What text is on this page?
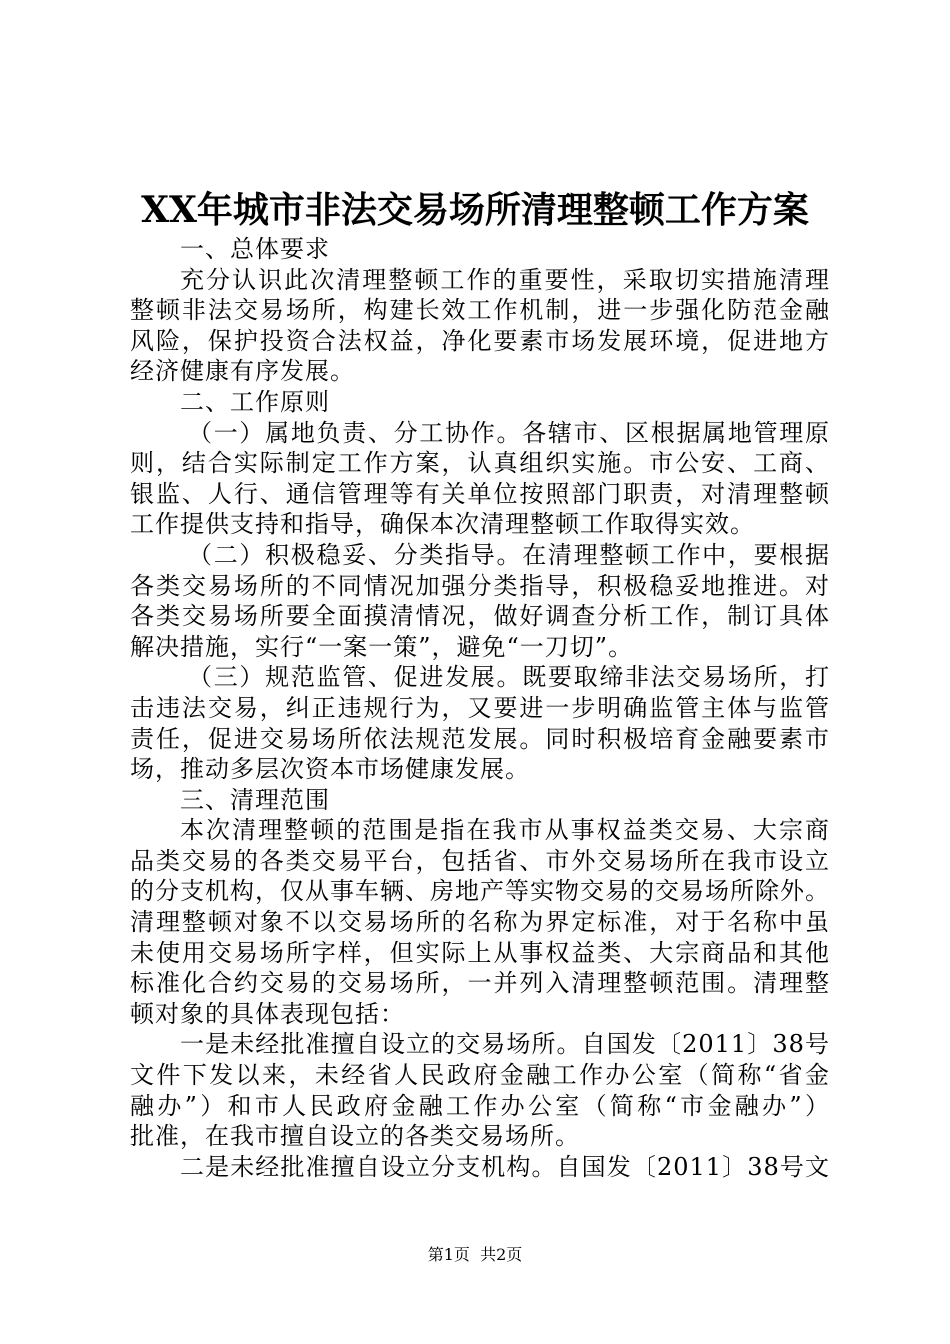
XX年城市非法交易场所清理整顿工作方案
一、总体要求
充分认识此次清理整顿工作的重要性，采取切实措施清理
整顿非法交易场所，构建长效工作机制，进一步强化防范金融
风险，保护投资合法权益，净化要素市场发展环境，促进地方
经济健康有序发展。
二、工作原则
（一）属地负责、分工协作。各辖市、区根据属地管理原
则，结合实际制定工作方案，认真组织实施。市公安、工商、
银监、人行、通信管理等有关单位按照部门职责，对清理整顿
工作提供支持和指导，确保本次清理整顿工作取得实效。
（二）积极稳妥、分类指导。在清理整顿工作中，要根据
各类交易场所的不同情况加强分类指导，积极稳妥地推进。对
各类交易场所要全面摸清情况，做好调查分析工作，制订具体
解决措施，实行“一案一策”，避免“一刀切”。
（三）规范监管、促进发展。既要取缔非法交易场所，打
击违法交易，纠正违规行为，又要进一步明确监管主体与监管
责任，促进交易场所依法规范发展。同时积极培育金融要素市
场，推动多层次资本市场健康发展。
三、清理范围
本次清理整顿的范围是指在我市从事权益类交易、大宗商
品类交易的各类交易平台，包括省、市外交易场所在我市设立
的分支机构，仅从事车辆、房地产等实物交易的交易场所除外。
清理整顿对象不以交易场所的名称为界定标准，对于名称中虽
未使用交易场所字样，但实际上从事权益类、大宗商品和其他
标准化合约交易的交易场所，一并列入清理整顿范围。清理整
顿对象的具体表现包括：
一是未经批准擅自设立的交易场所。自国发〔2011〕38号
文件下发以来，未经省人民政府金融工作办公室（简称“省金
融办”）和市人民政府金融工作办公室（简称“市金融办”）
批准，在我市擅自设立的各类交易场所。
二是未经批准擅自设立分支机构。自国发〔2011〕38号文
第1页  共2页
